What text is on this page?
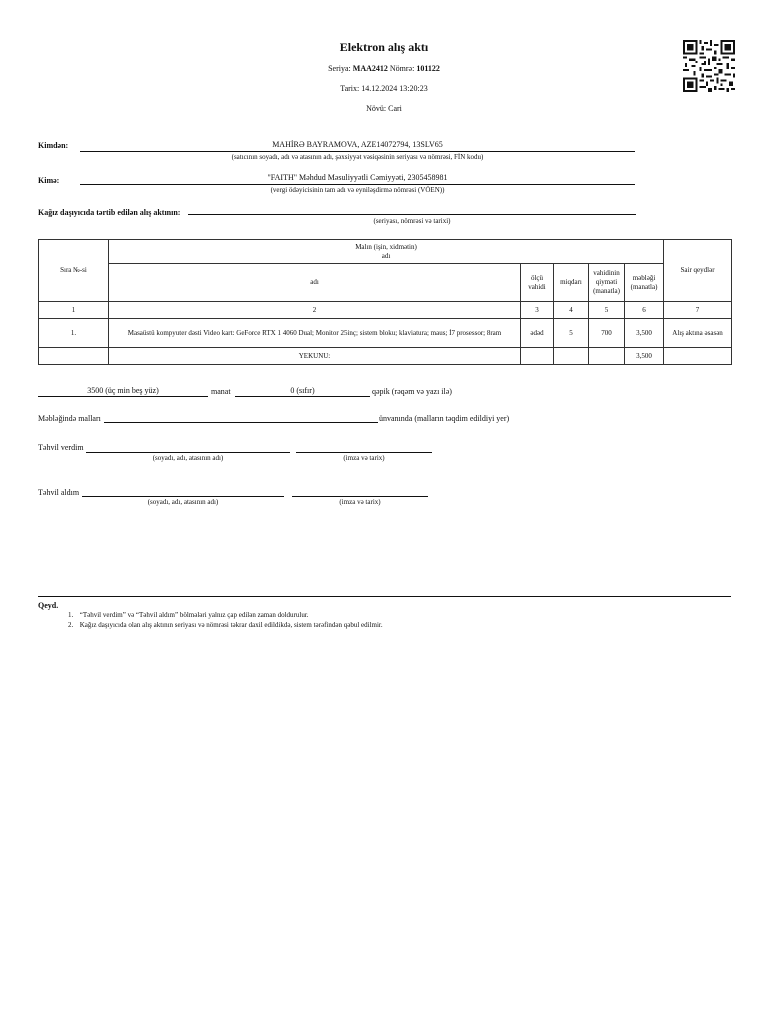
Elektron alış aktı
Seriya: MAA2412 Nömrə: 101122
Tarix: 14.12.2024 13:20:23
Növü: Cari
Kimdən:	MAHİRƏ BAYRAMOVA, AZE14072794, 13SLV65
(satıcının soyadı, adı və atasının adı, şəxsiyyət vəsiqəsinin seriyası və nömrəsi, FİN kodu)
Kimə:	"FAITH" Məhdud Məsuliyyətli Cəmiyyəti, 2305458981
(vergi ödəyicisinin tam adı və eyniləşdirmə nömrəsi (VÖEN))
Kağız daşıyıcıda tərtib edilən alış aktının:
(seriyası, nömrəsi və tarixi)
Sıra №-si	Malın (işin, xidmətin)
adı					Sair qeydlər
	adı	ölçü vahidi	miqdarı	vahidinin qiyməti (manatla)	məbləği (manatla)	
1	2	3	4	5	6	7
1.	Masaüstü kompyuter dəsti Video kart: GeForce RTX 1 4060 Dual; Monitor 25inç; sistem bloku; klaviatura; maus; İ7 prosessor; 8ram	ədəd	5	700	3,500	Alış aktına əsasən
	YEKUNU:				3,500	
3500 (üç min beş yüz)	manat	0 (sıfır)	qəpik (rəqəm və yazı ilə)
Məbləğində malları	ünvanında (malların təqdim edildiyi yer)
Təhvil verdim
(soyadı, adı, atasının adı)	(imza və tarix)
Təhvil aldım
(soyadı, adı, atasının adı)	(imza və tarix)
Qeyd.
1. “Təhvil verdim” və “Təhvil aldım” bölmələri yalnız çap edilən zaman doldurulur.
2. Kağız daşıyıcıda olan alış aktının seriyası və nömrəsi təkrar daxil edildikdə, sistem tərəfindən qəbul edilmir.
